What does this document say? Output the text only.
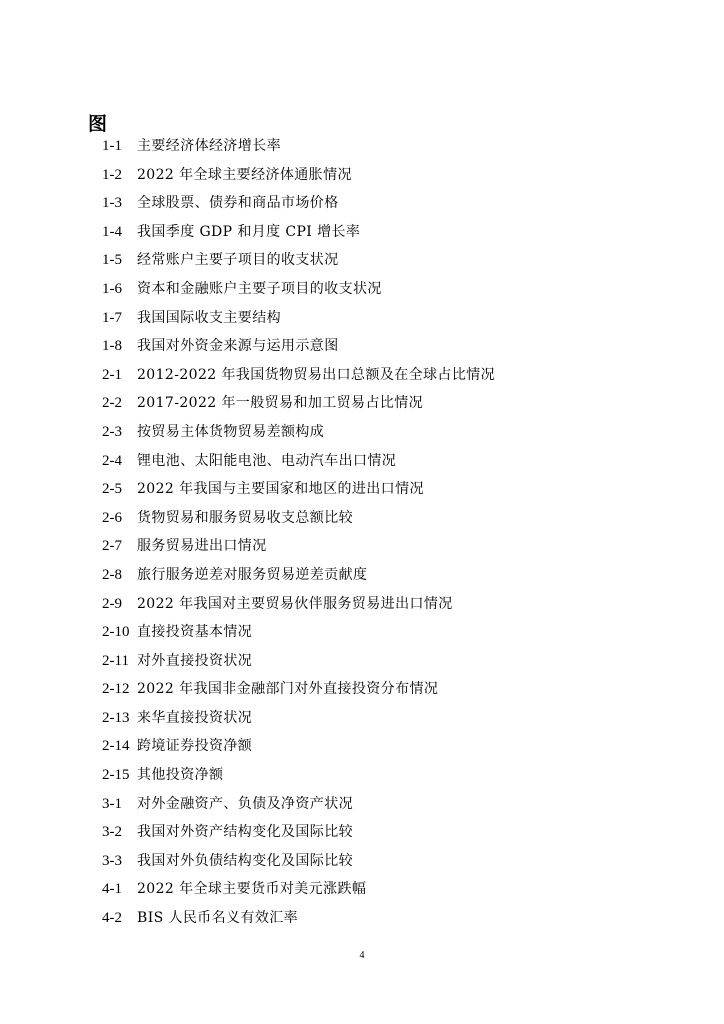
图
1-1	主要经济体经济增长率
1-2	2022 年全球主要经济体通胀情况
1-3	全球股票、债券和商品市场价格
1-4	我国季度 GDP 和月度 CPI 增长率
1-5	经常账户主要子项目的收支状况
1-6	资本和金融账户主要子项目的收支状况
1-7	我国国际收支主要结构
1-8	我国对外资金来源与运用示意图
2-1	2012-2022 年我国货物贸易出口总额及在全球占比情况
2-2	2017-2022 年一般贸易和加工贸易占比情况
2-3	按贸易主体货物贸易差额构成
2-4	锂电池、太阳能电池、电动汽车出口情况
2-5	2022 年我国与主要国家和地区的进出口情况
2-6	货物贸易和服务贸易收支总额比较
2-7	服务贸易进出口情况
2-8	旅行服务逆差对服务贸易逆差贡献度
2-9	2022 年我国对主要贸易伙伴服务贸易进出口情况
2-10 直接投资基本情况
2-11 对外直接投资状况
2-12 2022 年我国非金融部门对外直接投资分布情况
2-13 来华直接投资状况
2-14 跨境证券投资净额
2-15 其他投资净额
3-1	对外金融资产、负债及净资产状况
3-2	我国对外资产结构变化及国际比较
3-3	我国对外负债结构变化及国际比较
4-1	2022 年全球主要货币对美元涨跌幅
4-2	BIS 人民币名义有效汇率
4
